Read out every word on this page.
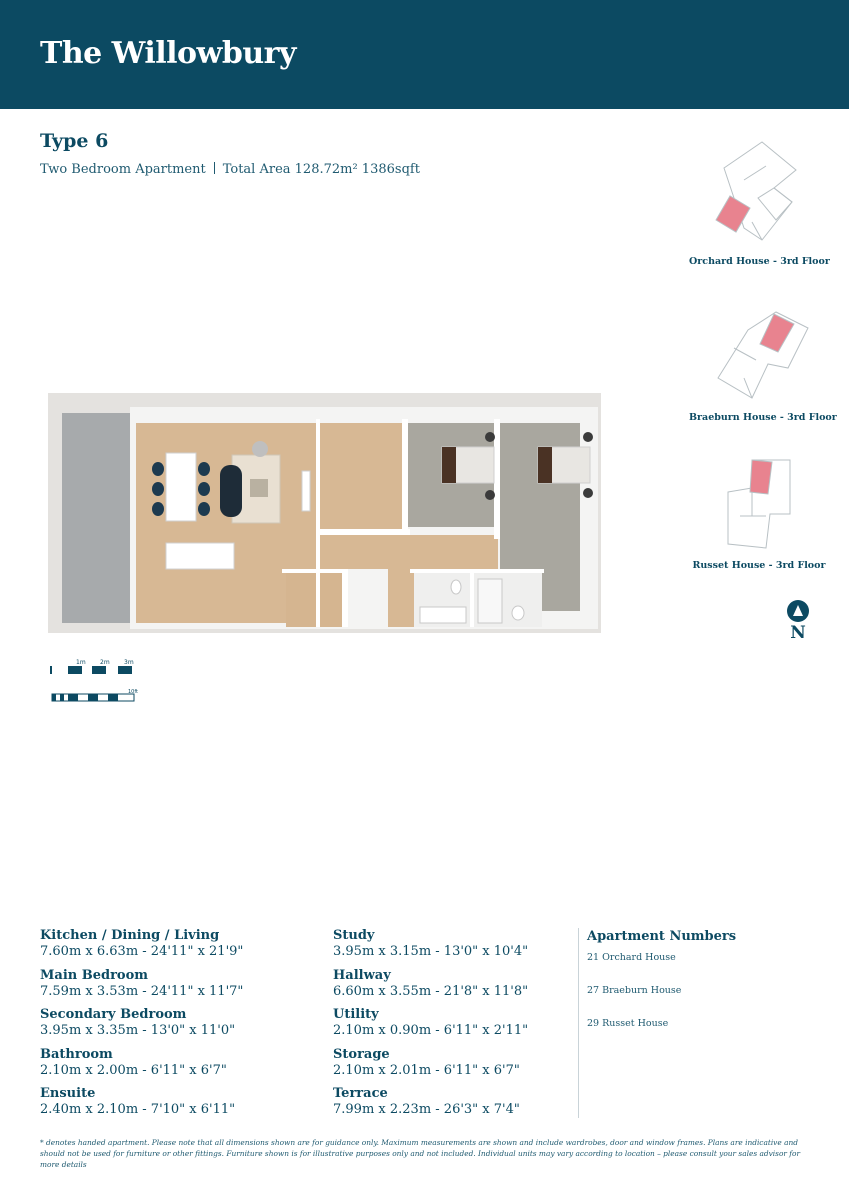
The Willowbury
Type 6
Two Bedroom Apartment Total Area 128.72m² 1386sqft
Orchard House - 3rd Floor
Braeburn House - 3rd Floor
Russet House - 3rd Floor
N
1m 2m 3m
10ft
Kitchen / Dining / Living
7.60m x 6.63m - 24'11" x 21'9"
Main Bedroom
7.59m x 3.53m - 24'11" x 11'7"
Secondary Bedroom
3.95m x 3.35m - 13'0" x 11'0"
Bathroom
2.10m x 2.00m - 6'11" x 6'7"
Ensuite
2.40m x 2.10m - 7'10" x 6'11"
Study
3.95m x 3.15m - 13'0" x 10'4"
Hallway
6.60m x 3.55m - 21'8" x 11'8"
Utility
2.10m x 0.90m - 6'11" x 2'11"
Storage
2.10m x 2.01m - 6'11" x 6'7"
Terrace
7.99m x 2.23m - 26'3" x 7'4"
Apartment Numbers
21 Orchard House
27 Braeburn House
29 Russet House
* denotes handed apartment. Please note that all dimensions shown are for guidance only. Maximum measurements are shown and include wardrobes, door and window frames. Plans are indicative and should not be used for furniture or other fittings. Furniture shown is for illustrative purposes only and not included. Individual units may vary according to location – please consult your sales advisor for more details
